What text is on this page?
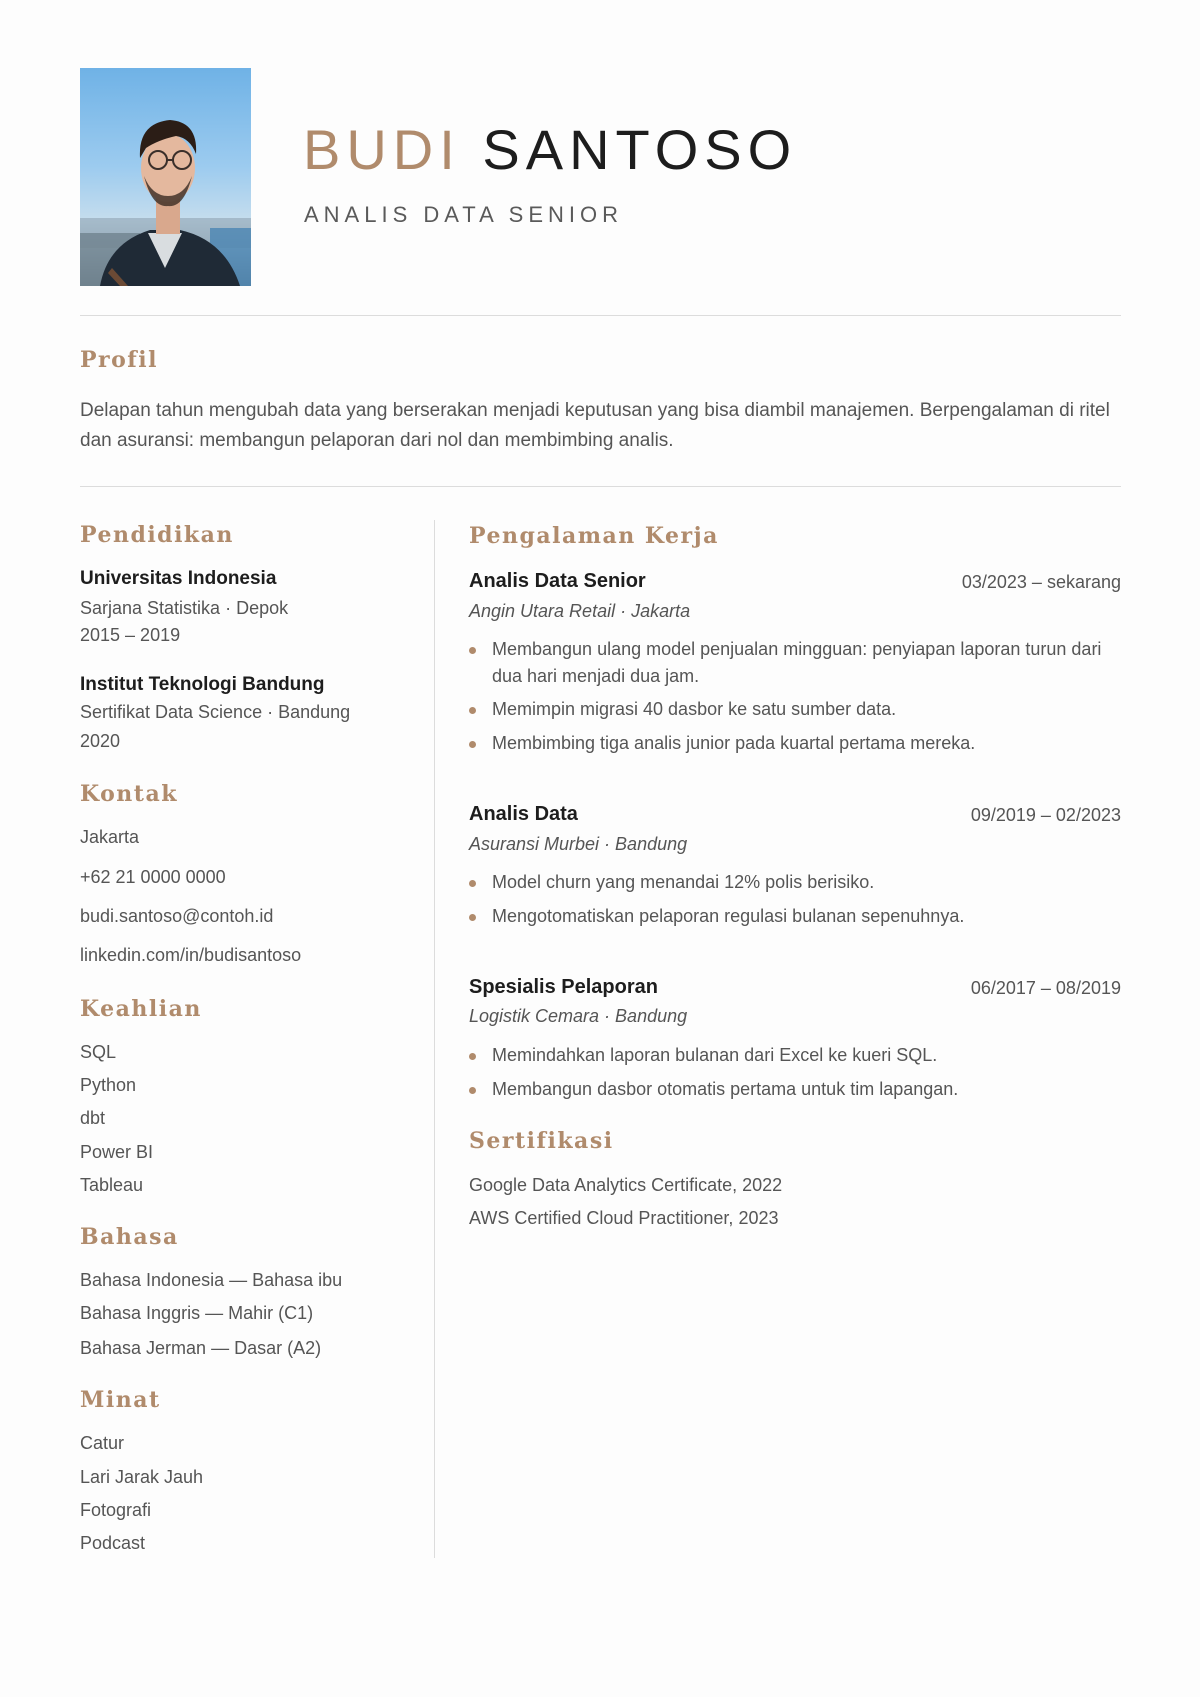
BUDI SANTOSO
ANALIS DATA SENIOR
Profil
Delapan tahun mengubah data yang berserakan menjadi keputusan yang bisa diambil manajemen. Berpengalaman di ritel dan asuransi: membangun pelaporan dari nol dan membimbing analis.
Pendidikan
Universitas Indonesia
Sarjana Statistika · Depok
2015 – 2019
Institut Teknologi Bandung
Sertifikat Data Science · Bandung
2020
Kontak
Jakarta
+62 21 0000 0000
budi.santoso@contoh.id
linkedin.com/in/budisantoso
Keahlian
SQL
Python
dbt
Power BI
Tableau
Bahasa
Bahasa Indonesia — Bahasa ibu
Bahasa Inggris — Mahir (C1)
Bahasa Jerman — Dasar (A2)
Minat
Catur
Lari Jarak Jauh
Fotografi
Podcast
Pengalaman Kerja
Analis Data Senior	03/2023 – sekarang
Angin Utara Retail · Jakarta
Membangun ulang model penjualan mingguan: penyiapan laporan turun dari dua hari menjadi dua jam.
Memimpin migrasi 40 dasbor ke satu sumber data.
Membimbing tiga analis junior pada kuartal pertama mereka.
Analis Data	09/2019 – 02/2023
Asuransi Murbei · Bandung
Model churn yang menandai 12% polis berisiko.
Mengotomatiskan pelaporan regulasi bulanan sepenuhnya.
Spesialis Pelaporan	06/2017 – 08/2019
Logistik Cemara · Bandung
Memindahkan laporan bulanan dari Excel ke kueri SQL.
Membangun dasbor otomatis pertama untuk tim lapangan.
Sertifikasi
Google Data Analytics Certificate, 2022
AWS Certified Cloud Practitioner, 2023
